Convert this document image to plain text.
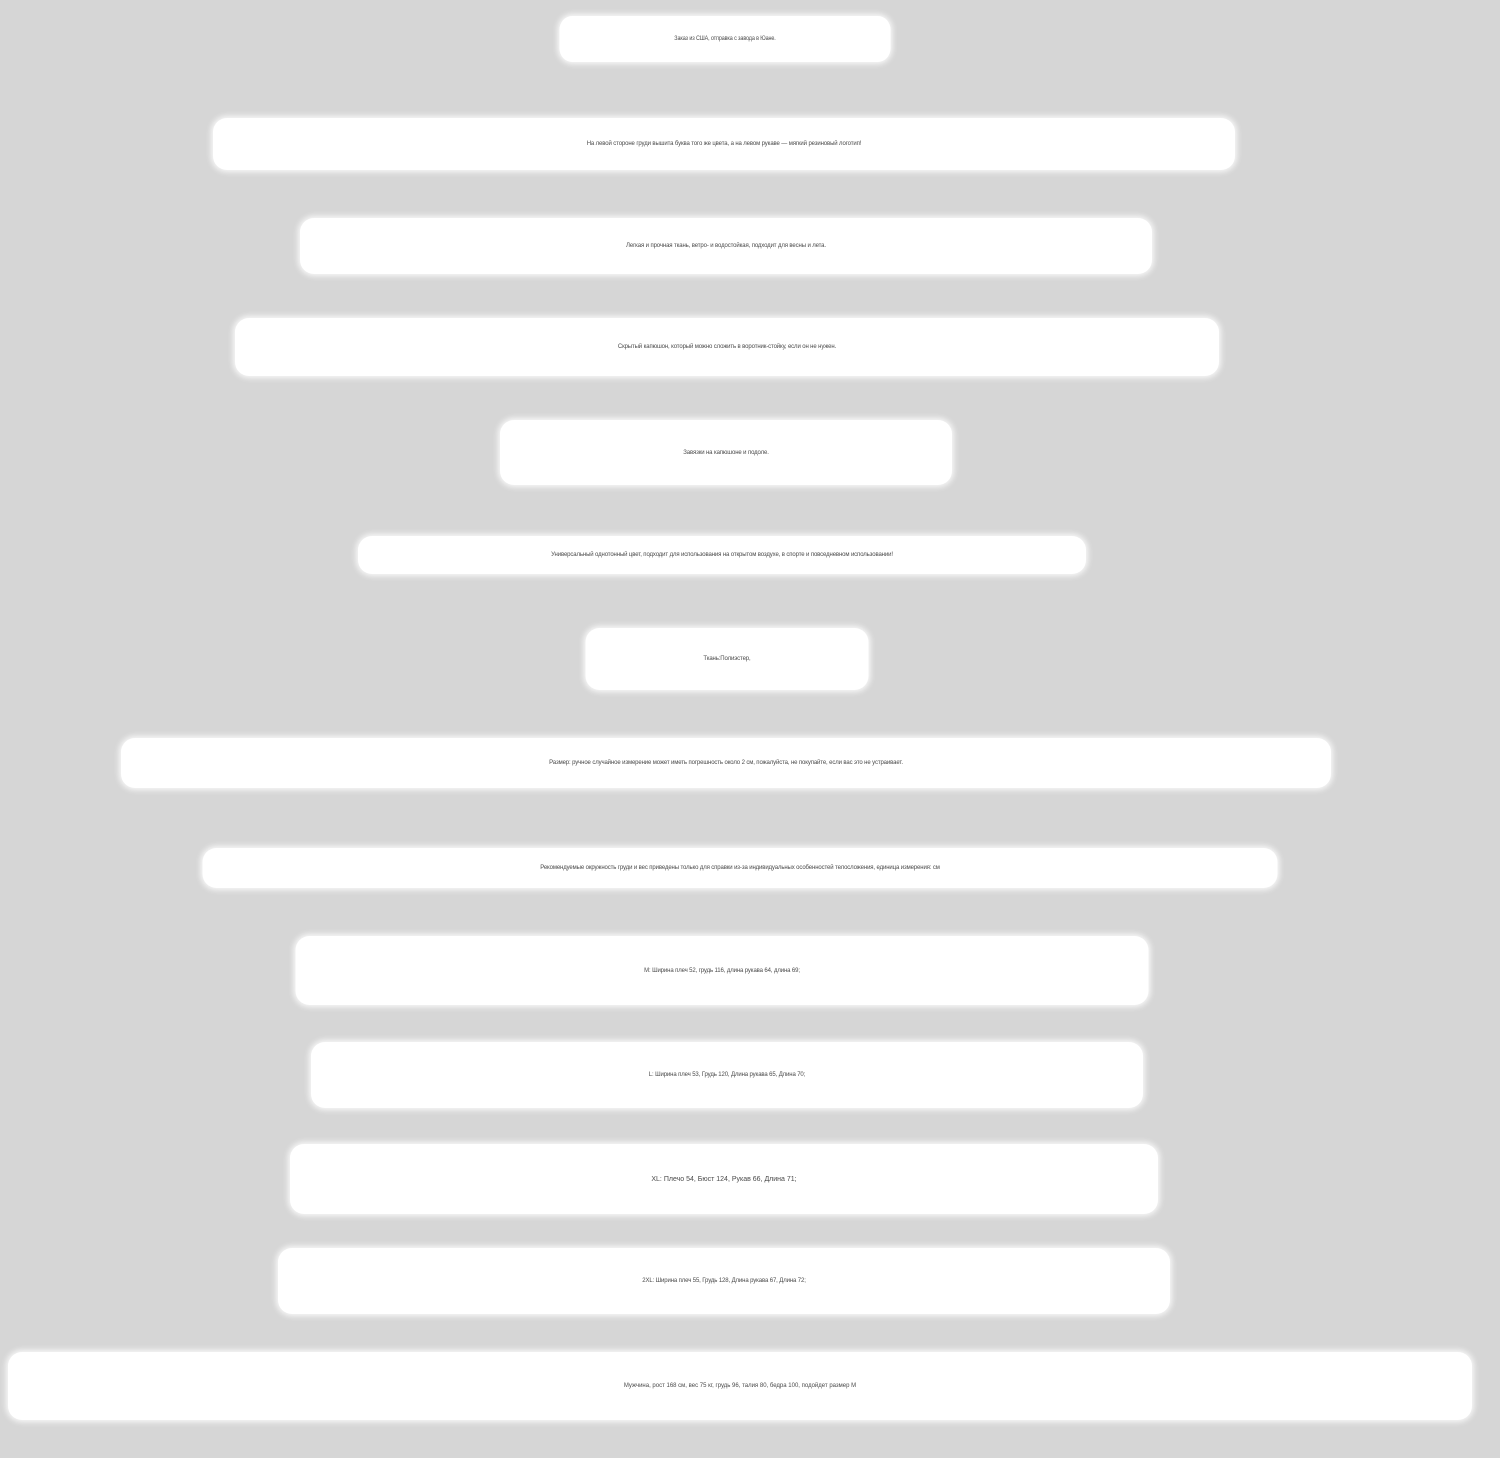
Заказ из США, отправка с завода в Юане.
На левой стороне груди вышита буква того же цвета, а на левом рукаве — мягкий резиновый логотип!
Легкая и прочная ткань, ветро- и водостойкая, подходит для весны и лета.
Скрытый капюшон, который можно сложить в воротник-стойку, если он не нужен.
Завязки на капюшоне и подоле.
Универсальный однотонный цвет, подходит для использования на открытом воздухе, в спорте и повседневном использовании!
Ткань:Полиэстер,
Размер: ручное случайное измерение может иметь погрешность около 2 см, пожалуйста, не покупайте, если вас это не устраивает.
Рекомендуемые окружность груди и вес приведены только для справки из-за индивидуальных особенностей телосложения, единица измерения: см
M: Ширина плеч 52, грудь 116, длина рукава 64, длина 69;
L: Ширина плеч 53, Грудь 120, Длина рукава 65, Длина 70;
XL: Плечо 54, Бюст 124, Рукав 66, Длина 71;
2XL: Ширина плеч 55, Грудь 128, Длина рукава 67, Длина 72;
Мужчина, рост 168 см, вес 75 кг, грудь 96, талия 80, бедра 100, подойдет размер M
